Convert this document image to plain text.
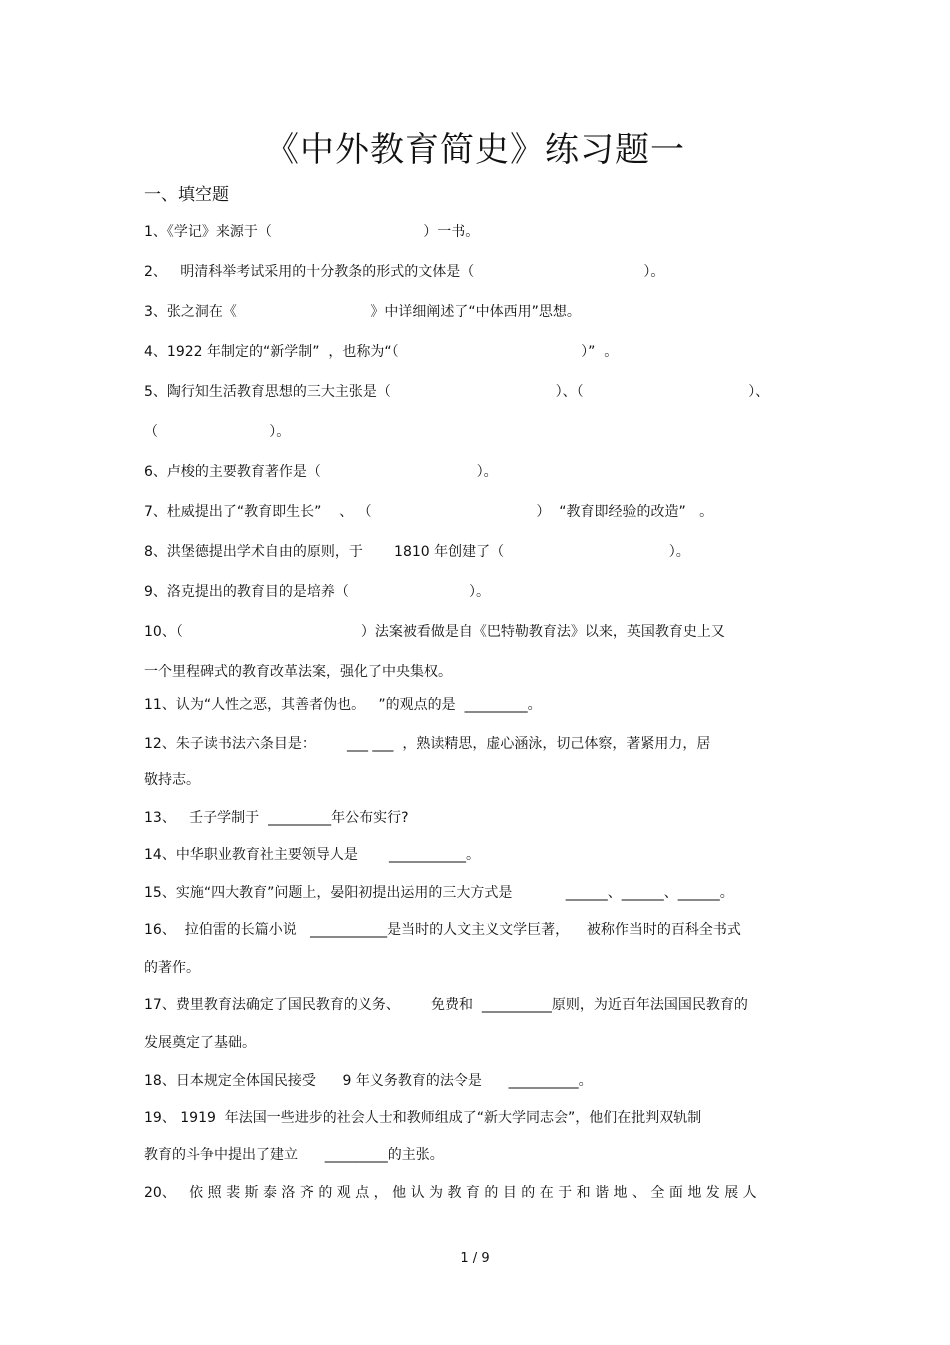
《中外教育简史》练习题一
一、填空题
1、《学记》来源于（                                  ）一书。
2、   明清科举考试采用的十分教条的形式的文体是（                                      ）。
3、张之洞在《                              》中详细阐述了“中体西用”思想。
4、1922 年制定的“新学制”  ，也称为“（                                         ）”  。
5、陶行知生活教育思想的三大主张是（                                     ）、（                                     ）、
（                         ）。
6、卢梭的主要教育著作是（                                   ）。
7、杜威提出了“教育即生长”    、 （                                     ）  “教育即经验的改造”   。
8、洪堡德提出学术自由的原则，于       1810 年创建了（                                     ）。
9、洛克提出的教育目的是培养（                           ）。
10、（                                        ）法案被看做是自《巴特勒教育法》以来，英国教育史上又
一个里程碑式的教育改革法案，强化了中央集权。
11、认为“人性之恶，其善者伪也。   ”的观点的是  _________。
12、朱子读书法六条目是：       ___ ___  ，熟读精思，虚心涵泳，切己体察，著紧用力，居
敬持志。
13、   壬子学制于  _________年公布实行?
14、中华职业教育社主要领导人是       ___________。
15、实施“四大教育”问题上，晏阳初提出运用的三大方式是            ______、______、______。
16、  拉伯雷的长篇小说   ___________是当时的人文主义文学巨著，    被称作当时的百科全书式
的著作。
17、费里教育法确定了国民教育的义务、       免费和  __________原则，为近百年法国国民教育的
发展奠定了基础。
18、日本规定全体国民接受      9 年义务教育的法令是      __________。
19、 1919  年法国一些进步的社会人士和教师组成了“新大学同志会”，他们在批判双轨制
教育的斗争中提出了建立      _________的主张。
20、   依 照 裴 斯 泰 洛 齐 的 观 点 ， 他 认 为 教 育 的 目 的 在 于 和 谐 地 、 全 面 地 发 展 人
1 / 9
